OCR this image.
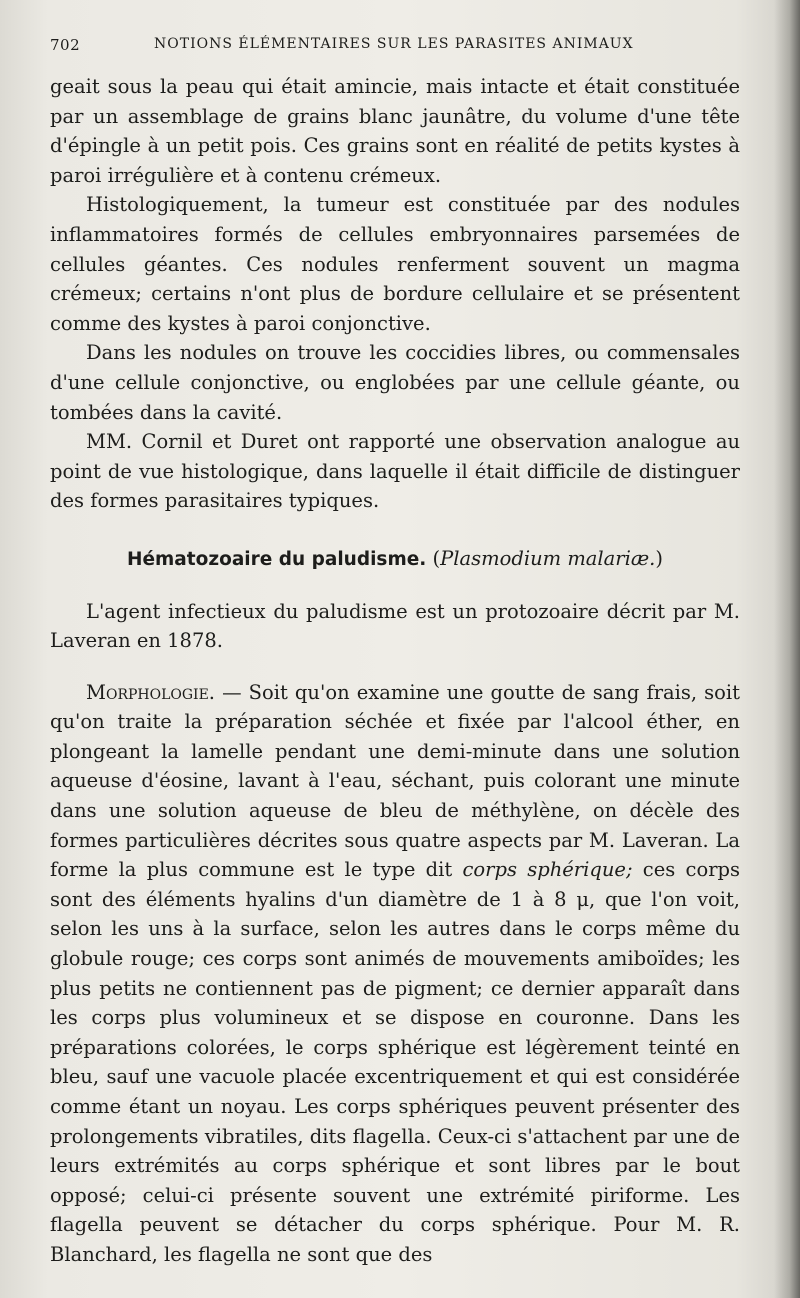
702	NOTIONS ÉLÉMENTAIRES SUR LES PARASITES ANIMAUX

geait sous la peau qui était amincie, mais intacte et était constituée par un assemblage de grains blanc jaunâtre, du volume d'une tête d'épingle à un petit pois. Ces grains sont en réalité de petits kystes à paroi irrégulière et à contenu crémeux.

Histologiquement, la tumeur est constituée par des nodules inflammatoires formés de cellules embryonnaires parsemées de cellules géantes. Ces nodules renferment souvent un magma crémeux; certains n'ont plus de bordure cellulaire et se présentent comme des kystes à paroi conjonctive.

Dans les nodules on trouve les coccidies libres, ou commensales d'une cellule conjonctive, ou englobées par une cellule géante, ou tombées dans la cavité.

MM. Cornil et Duret ont rapporté une observation analogue au point de vue histologique, dans laquelle il était difficile de distinguer des formes parasitaires typiques.

Hématozoaire du paludisme. (Plasmodium malariæ.)

L'agent infectieux du paludisme est un protozoaire décrit par M. Laveran en 1878.

Morphologie. — Soit qu'on examine une goutte de sang frais, soit qu'on traite la préparation séchée et fixée par l'alcool éther, en plongeant la lamelle pendant une demi-minute dans une solution aqueuse d'éosine, lavant à l'eau, séchant, puis colorant une minute dans une solution aqueuse de bleu de méthylène, on décèle des formes particulières décrites sous quatre aspects par M. Laveran. La forme la plus commune est le type dit corps sphérique; ces corps sont des éléments hyalins d'un diamètre de 1 à 8 μ, que l'on voit, selon les uns à la surface, selon les autres dans le corps même du globule rouge; ces corps sont animés de mouvements amiboïdes; les plus petits ne contiennent pas de pigment; ce dernier apparaît dans les corps plus volumineux et se dispose en couronne. Dans les préparations colorées, le corps sphérique est légèrement teinté en bleu, sauf une vacuole placée excentriquement et qui est considérée comme étant un noyau. Les corps sphériques peuvent présenter des prolongements vibratiles, dits flagella. Ceux-ci s'attachent par une de leurs extrémités au corps sphérique et sont libres par le bout opposé; celui-ci présente souvent une extrémité piriforme. Les flagella peuvent se détacher du corps sphérique. Pour M. R. Blanchard, les flagella ne sont que des
